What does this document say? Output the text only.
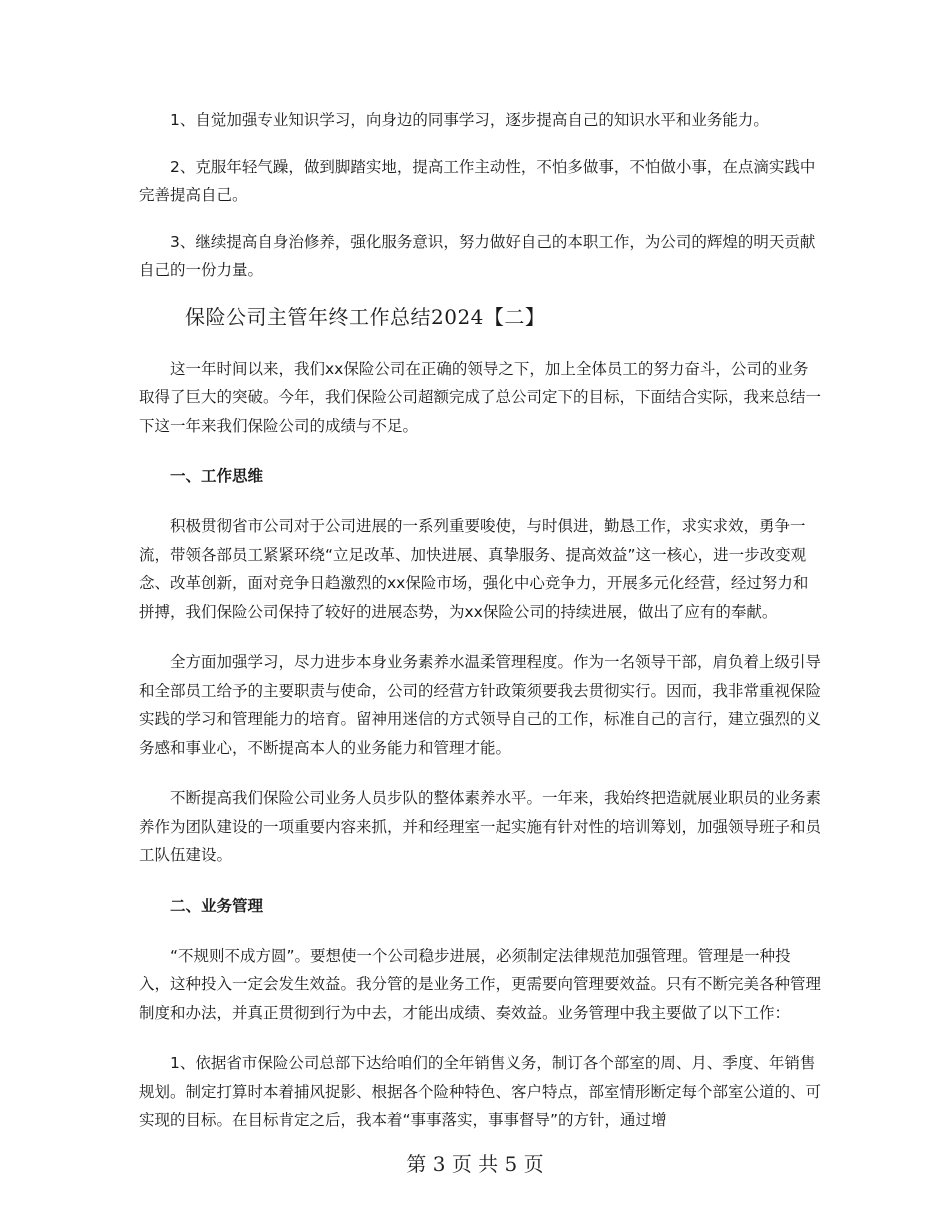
1、自觉加强专业知识学习，向身边的同事学习，逐步提高自己的知识水平和业务能力。

2、克服年轻气躁，做到脚踏实地，提高工作主动性，不怕多做事，不怕做小事，在点滴实践中完善提高自己。

3、继续提高自身治修养，强化服务意识，努力做好自己的本职工作，为公司的辉煌的明天贡献自己的一份力量。

保险公司主管年终工作总结2024【二】

这一年时间以来，我们xx保险公司在正确的领导之下，加上全体员工的努力奋斗，公司的业务取得了巨大的突破。今年，我们保险公司超额完成了总公司定下的目标，下面结合实际，我来总结一下这一年来我们保险公司的成绩与不足。

一、工作思维

积极贯彻省市公司对于公司进展的一系列重要唆使，与时俱进，勤恳工作，求实求效，勇争一流，带领各部员工紧紧环绕“立足改革、加快进展、真挚服务、提高效益”这一核心，进一步改变观念、改革创新，面对竞争日趋激烈的xx保险市场，强化中心竞争力，开展多元化经营，经过努力和拼搏，我们保险公司保持了较好的进展态势，为xx保险公司的持续进展，做出了应有的奉献。

全方面加强学习，尽力进步本身业务素养水温柔管理程度。作为一名领导干部，肩负着上级引导和全部员工给予的主要职责与使命，公司的经营方针政策须要我去贯彻实行。因而，我非常重视保险实践的学习和管理能力的培育。留神用迷信的方式领导自己的工作，标准自己的言行，建立强烈的义务感和事业心，不断提高本人的业务能力和管理才能。

不断提高我们保险公司业务人员步队的整体素养水平。一年来，我始终把造就展业职员的业务素养作为团队建设的一项重要内容来抓，并和经理室一起实施有针对性的培训筹划，加强领导班子和员工队伍建设。

二、业务管理

“不规则不成方圆”。要想使一个公司稳步进展，必须制定法律规范加强管理。管理是一种投入，这种投入一定会发生效益。我分管的是业务工作，更需要向管理要效益。只有不断完美各种管理制度和办法，并真正贯彻到行为中去，才能出成绩、奏效益。业务管理中我主要做了以下工作：

1、依据省市保险公司总部下达给咱们的全年销售义务，制订各个部室的周、月、季度、年销售规划。制定打算时本着捕风捉影、根据各个险种特色、客户特点，部室情形断定每个部室公道的、可实现的目标。在目标肯定之后，我本着“事事落实，事事督导”的方针，通过增

第 3 页 共 5 页
